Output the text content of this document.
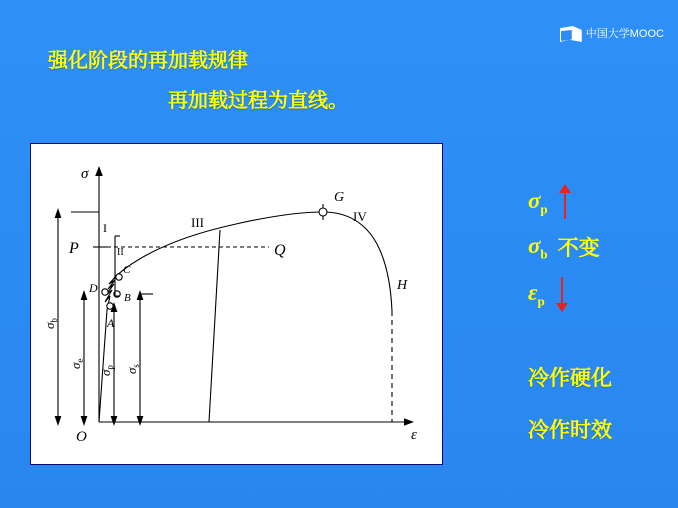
中国大学MOOC
强化阶段的再加载规律
再加载过程为直线。
σ
ε
O
P	Q
G
H
A
B
C
D
I
II
III	IV
$\sigma_b$
$\sigma_e$
$\sigma_p$
$\sigma_s$
$\sigma_p$
$\sigma_b$ 不变
$\varepsilon_p$
冷作硬化
冷作时效
